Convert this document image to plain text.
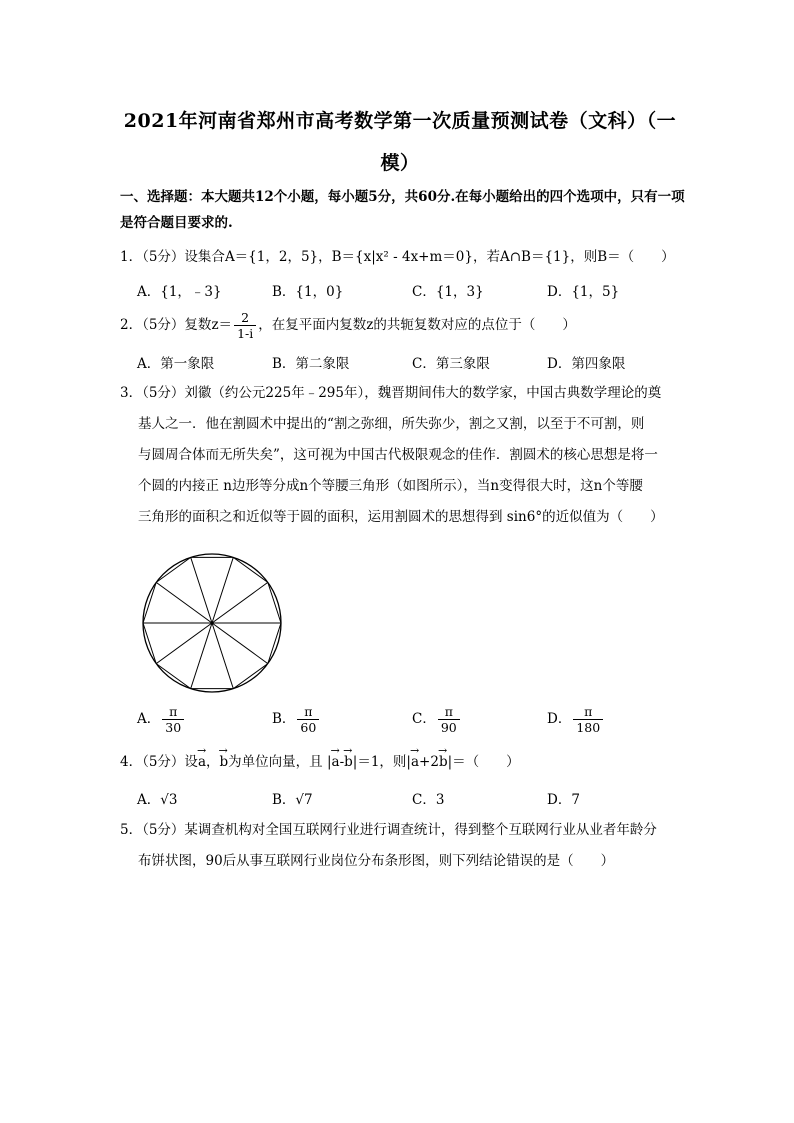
2021年河南省郑州市高考数学第一次质量预测试卷（文科）（一模）
一、选择题：本大题共12个小题，每小题5分，共60分.在每小题给出的四个选项中，只有一项是符合题目要求的.
1．（5分）设集合A＝{1，2，5}，B＝{x|x² - 4x+m＝0}，若A∩B＝{1}，则B＝（　　）
A．{1，﹣3}	B．{1，0}	C．{1，3}	D．{1，5}
2．（5分）复数$z= \frac{2}{1-i}$ ，在复平面内复数z的共轭复数对应的点位于（　　）
A．第一象限	B．第二象限	C．第三象限	D．第四象限
3．（5分）刘徽（约公元225年﹣295年），魏晋期间伟大的数学家，中国古典数学理论的奠
基人之一．他在割圆术中提出的“割之弥细，所失弥少，割之又割，以至于不可割，则
与圆周合体而无所失矣”，这可视为中国古代极限观念的佳作．割圆术的核心思想是将一
个圆的内接正 n边形等分成n个等腰三角形（如图所示），当n变得很大时，这n个等腰
三角形的面积之和近似等于圆的面积，运用割圆术的思想得到 sin6°的近似值为（　　）
A． $\frac{\pi}{30}$	B． $\frac{\pi}{60}$	C． $\frac{\pi}{90}$	D． $\frac{\pi}{180}$
4．（5分）设→ a，→ b为单位向量，且 |→ a-→ b|＝1，则|→ a+2→ b|＝（　　）
A．√3	B．√7	C．3	D．7
5．（5分）某调查机构对全国互联网行业进行调查统计，得到整个互联网行业从业者年龄分
布饼状图，90后从事互联网行业岗位分布条形图，则下列结论错误的是（　　）
